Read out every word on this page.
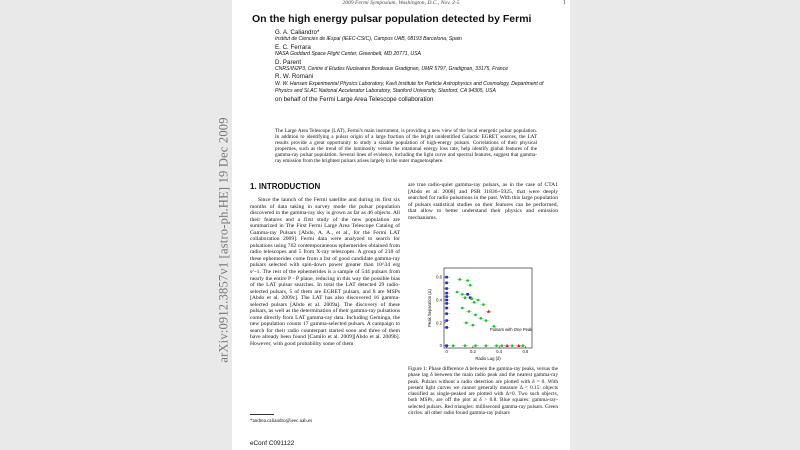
arXiv:0912.3857v1 [astro-ph.HE] 19 Dec 2009
2009 Fermi Symposium, Washington, D.C., Nov. 2-5	1
On the high energy pulsar population detected by Fermi
G. A. Caliandro*
Institut de Ciencies de lEspai (IEEC-CSIC), Campus UAB, 08193 Barcelona, Spain
E. C. Ferrara
NASA Goddard Space Flight Center, Greenbelt, MD 20771, USA
D. Parent
CNRS/IN2P3, Centre d Etudes Nucleaires Bordeaux Gradignan, UMR 5797, Gradignan, 33175, France
R. W. Romani
W. W. Hansen Experimental Physics Laboratory, Kavli Institute for Particle Astrophysics and Cosmology, Department of Physics and SLAC National Accelerator Laboratory, Stanford University, Stanford, CA 94305, USA
on behalf of the Fermi Large Area Telescope collaboration
The Large Area Telescope (LAT), Fermi's main instrument, is providing a new view of the local energetic pulsar population. In addition to identifying a pulsar origin of a large fraction of the bright unidentified Galactic EGRET sources, the LAT results provide a great opportunity to study a sizable population of high-energy pulsars. Correlations of their physical properties, such as the trend of the luminosity versus the rotational energy loss rate, help identify global features of the gamma-ray pulsar population. Several lines of evidence, including the light curve and spectral features, suggest that gamma-ray emission from the brightest pulsars arises largely in the outer magnetosphere.
1. INTRODUCTION

Since the launch of the Fermi satellite and during its first six months of data taking in survey mode the pulsar population discovered in the gamma-ray sky is grown as far as 46 objects. All their features and a first study of the new population are summarized in The First Fermi Large Area Telescope Catalog of Gamma-ray Pulsars [Abdo, A. A., et al., for the Fermi LAT collaboration 2009]. Fermi data were analyzed to search for pulsations using 762 contemporaneous ephemerides obtained from radio telescopes and 5 from X-ray telescopes. A group of 218 of these ephemerides come from a list of good candidate gamma-ray pulsars selected with spin-down power greater than 10^34 erg s^-1. The rest of the ephemerides is a sample of 544 pulsars from nearly the entire P - Ṗ plane, reducing in this way the possible bias of the LAT pulsar searches. In total the LAT detected 29 radio-selected pulsars, 5 of them are EGRET pulsars, and 8 are MSPs [Abdo et al. 2009c]. The LAT has also discovered 16 gamma-selected pulsars [Abdo et al. 2009a]. The discovery of these pulsars, as well as the determination of their gamma-ray pulsations come directly from LAT gamma-ray data. Including Geminga, the new population counts 17 gamma-selected pulsars. A campaign to search for their radio counterpart started soon and three of them have already been found [Camilo et al. 2009][Abdo et al. 2009b]. However, with good probability some of them

are true radio-quiet gamma-ray pulsars, as in the case of CTA1 [Abdo et al. 2008] and PSR J1836+5925, that were deeply searched for radio pulsations in the past. With this large population of pulsars statistical studies on their features can be performed, that allow to better understand their physics and emission mechanisms.

0	0.2	0.4	0.6
0
0.2
0.4
0.6
Radio Lag (δ)
Peak Separation (Δ)
Pulsars with One Peak
Figure 1: Phase difference Δ between the gamma-ray peaks, versus the phase lag δ between the main radio peak and the nearest gamma-ray peak. Pulsars without a radio detection are plotted with δ = 0. With present light curves we cannot generally measure Δ < 0.15: objects classified as single-peaked are plotted with Δ=0. Two such objects, both MSPs, are off the plot at δ > 0.8. Blue squares: gamma-ray-selected pulsars. Red triangles: millisecond gamma-ray pulsars. Green circles: all other radio found gamma-ray pulsars
*andrea.caliandro@ieec.uab.es
eConf C091122
